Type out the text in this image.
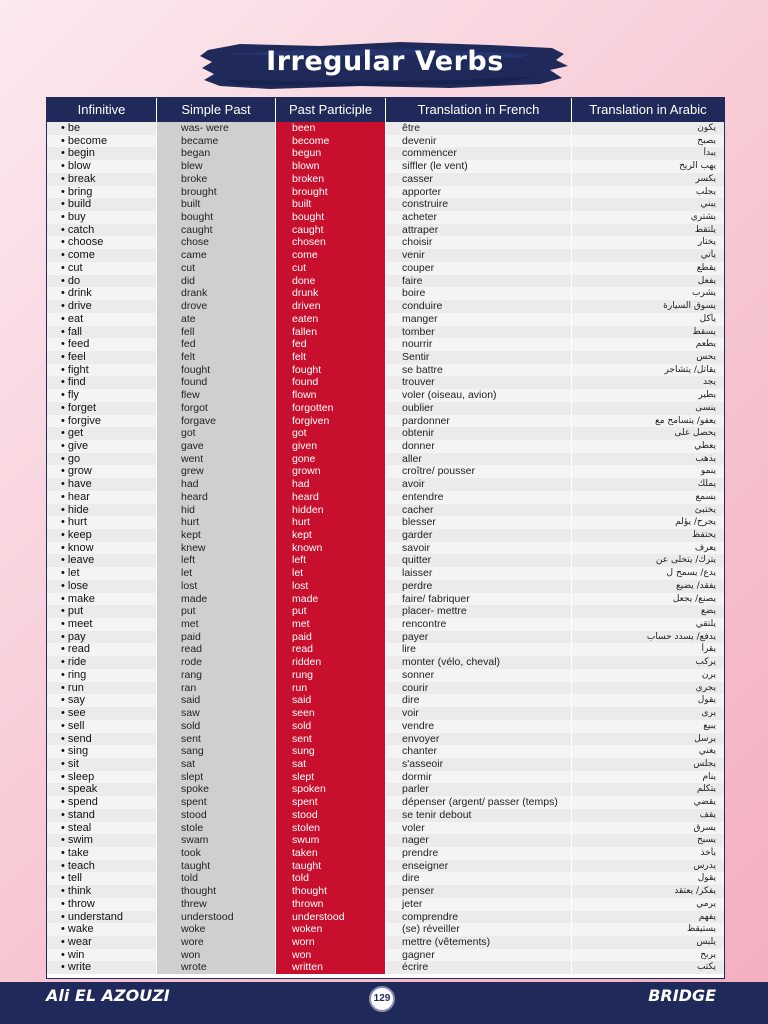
Irregular Verbs
Infinitive	Simple Past	Past Participle	Translation in French	Translation in Arabic
• be	was- were	been	être	يكون
• become	became	become	devenir	يصبح
• begin	began	begun	commencer	يبدأ
• blow	blew	blown	siffler (le vent)	يهب الريح
• break	broke	broken	casser	يكسر
• bring	brought	brought	apporter	يجلب
• build	built	built	construire	يبني
• buy	bought	bought	acheter	يشتري
• catch	caught	caught	attraper	يلتقط
• choose	chose	chosen	choisir	يختار
• come	came	come	venir	يأتي
• cut	cut	cut	couper	يقطع
• do	did	done	faire	يفعل
• drink	drank	drunk	boire	يشرب
• drive	drove	driven	conduire	يسوق السيارة
• eat	ate	eaten	manger	يأكل
• fall	fell	fallen	tomber	يسقط
• feed	fed	fed	nourrir	يطعم
• feel	felt	felt	Sentir	يحس
• fight	fought	fought	se battre	يقاتل/ يتشاجر
• find	found	found	trouver	يجد
• fly	flew	flown	voler (oiseau, avion)	يطير
• forget	forgot	forgotten	oublier	ينسى
• forgive	forgave	forgiven	pardonner	يعفو/ يتسامح مع
• get	got	got	obtenir	يحصل على
• give	gave	given	donner	يعطي
• go	went	gone	aller	يذهب
• grow	grew	grown	croître/ pousser	ينمو
• have	had	had	avoir	يملك
• hear	heard	heard	entendre	يسمع
• hide	hid	hidden	cacher	يختبئ
• hurt	hurt	hurt	blesser	يجرح/ يؤلم
• keep	kept	kept	garder	يحتفظ
• know	knew	known	savoir	يعرف
• leave	left	left	quitter	يترك/ يتخلى عن
• let	let	let	laisser	يدع/ يسمح ل
• lose	lost	lost	perdre	يفقد/ يضيع
• make	made	made	faire/ fabriquer	يصنع/ يجعل
• put	put	put	placer- mettre	يضع
• meet	met	met	rencontre	يلتقي
• pay	paid	paid	payer	يدفع/ يسدد حساب
• read	read	read	lire	يقرأ
• ride	rode	ridden	monter (vélo, cheval)	يركب
• ring	rang	rung	sonner	يرن
• run	ran	run	courir	يجري
• say	said	said	dire	يقول
• see	saw	seen	voir	يرى
• sell	sold	sold	vendre	يبيع
• send	sent	sent	envoyer	يرسل
• sing	sang	sung	chanter	يغني
• sit	sat	sat	s'asseoir	يجلس
• sleep	slept	slept	dormir	ينام
• speak	spoke	spoken	parler	يتكلم
• spend	spent	spent	dépenser (argent/ passer (temps)	يقضي
• stand	stood	stood	se tenir debout	يقف
• steal	stole	stolen	voler	يسرق
• swim	swam	swum	nager	يسبح
• take	took	taken	prendre	يأخذ
• teach	taught	taught	enseigner	يدرس
• tell	told	told	dire	يقول
• think	thought	thought	penser	يفكر/ يعتقد
• throw	threw	thrown	jeter	يرمي
• understand	understood	understood	comprendre	يفهم
• wake	woke	woken	(se) réveiller	يستيقظ
• wear	wore	worn	mettre (vêtements)	يلبس
• win	won	won	gagner	يربح
• write	wrote	written	écrire	يكتب
Ali EL AZOUZI	129	BRIDGE
